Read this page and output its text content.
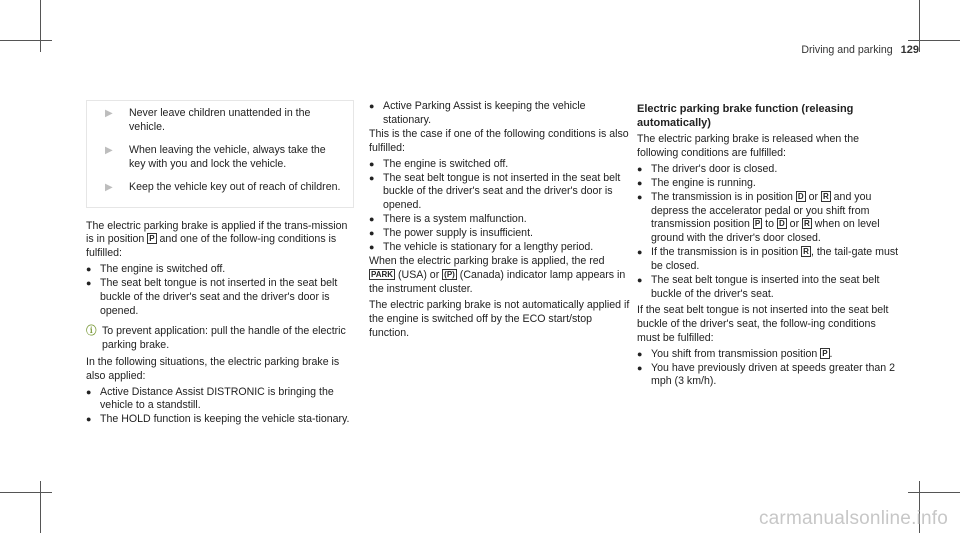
Driving and parking 129
▶	Never leave children unattended in the vehicle.
▶	When leaving the vehicle, always take the key with you and lock the vehicle.
▶	Keep the vehicle key out of reach of children.

The electric parking brake is applied if the trans-mission is in position P and one of the follow-ing conditions is fulfilled:

● The engine is switched off.
● The seat belt tongue is not inserted in the seat belt buckle of the driver's seat and the driver's door is opened.
ⓘ To prevent application: pull the handle of the electric parking brake.

In the following situations, the electric parking brake is also applied:

● Active Distance Assist DISTRONIC is bringing the vehicle to a standstill.
● The HOLD function is keeping the vehicle sta-tionary.
● Active Parking Assist is keeping the vehicle stationary.

This is the case if one of the following conditions is also fulfilled:

● The engine is switched off.
● The seat belt tongue is not inserted in the seat belt buckle of the driver's seat and the driver's door is opened.
● There is a system malfunction.
● The power supply is insufficient.
● The vehicle is stationary for a lengthy period.

When the electric parking brake is applied, the red PARK (USA) or (P) (Canada) indicator lamp appears in the instrument cluster.

The electric parking brake is not automatically applied if the engine is switched off by the ECO start/stop function.

Electric parking brake function (releasing automatically)

The electric parking brake is released when the following conditions are fulfilled:

● The driver's door is closed.
● The engine is running.
● The transmission is in position D or R and you depress the accelerator pedal or you shift from transmission position P to D or R when on level ground with the driver's door closed.
● If the transmission is in position R , the tail-gate must be closed.
● The seat belt tongue is inserted into the seat belt buckle of the driver's seat.

If the seat belt tongue is not inserted into the seat belt buckle of the driver's seat, the follow-ing conditions must be fulfilled:

● You shift from transmission position P .
● You have previously driven at speeds greater than 2 mph (3 km/h).
carmanualsonline.info
